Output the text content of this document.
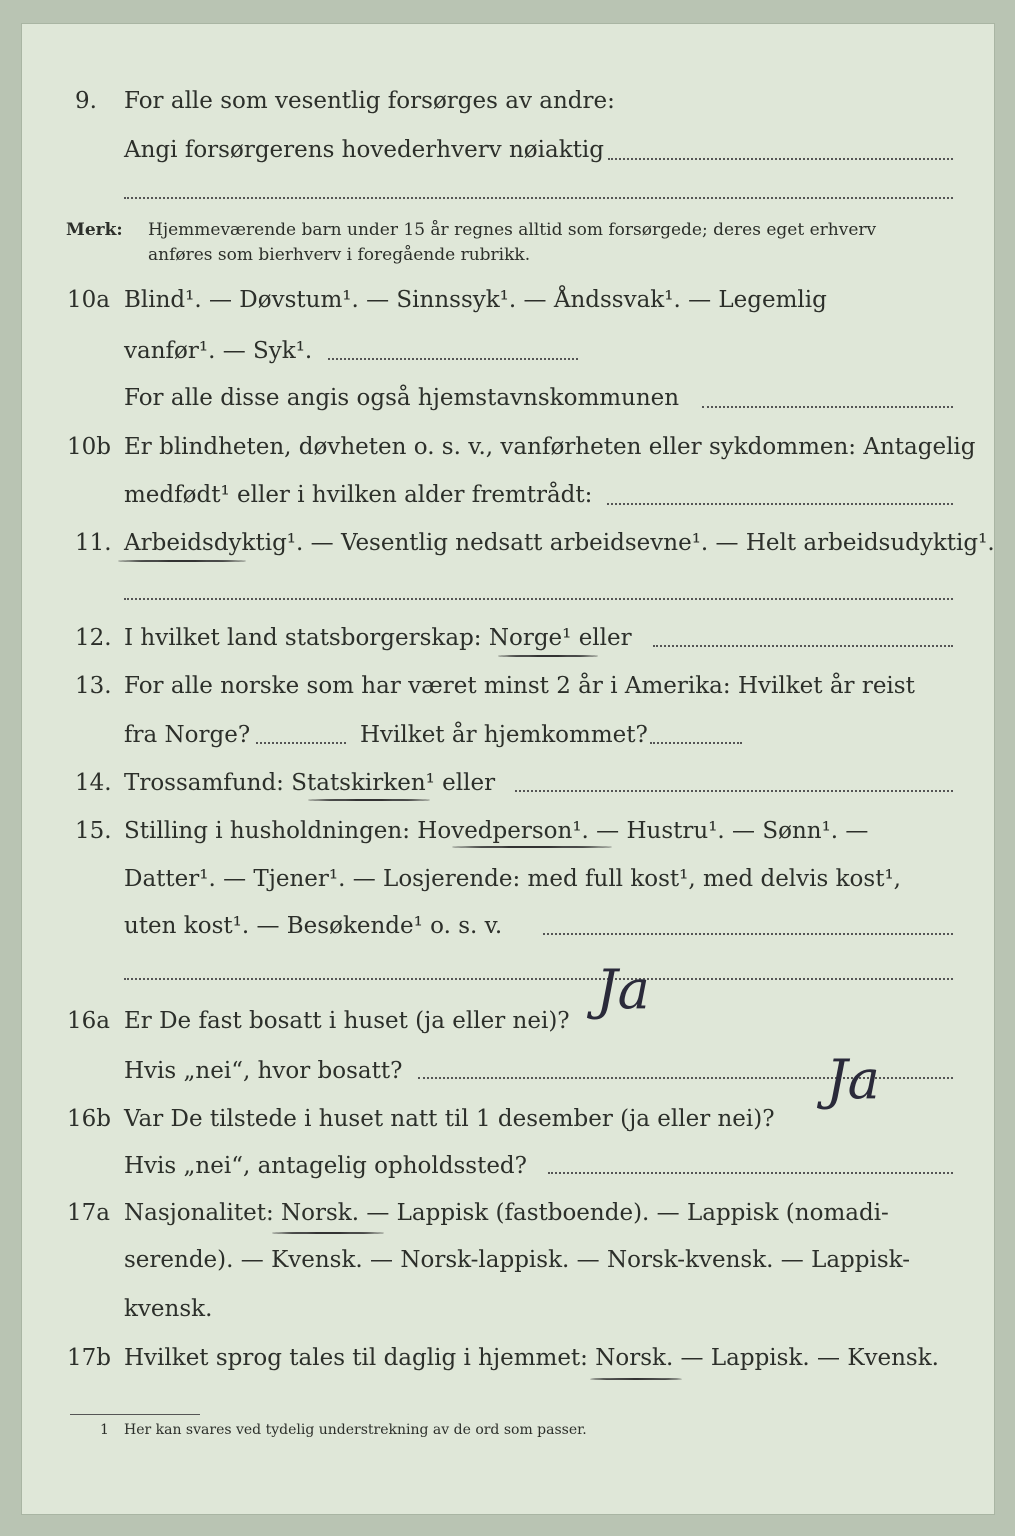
9. For alle som vesentlig forsørges av andre:
Angi forsørgerens hovederhverv nøiaktig
Merk: Hjemmeværende barn under 15 år regnes alltid som forsørgede; deres eget erhverv
anføres som bierhverv i foregående rubrikk.
10a Blind¹. — Døvstum¹. — Sinnssyk¹. — Åndssvak¹. — Legemlig
vanfør¹. — Syk¹.
For alle disse angis også hjemstavnskommunen
10b Er blindheten, døvheten o. s. v., vanførheten eller sykdommen: Antagelig
medfødt¹ eller i hvilken alder fremtrådt:
11. Arbeidsdyktig¹. — Vesentlig nedsatt arbeidsevne¹. — Helt arbeidsudyktig¹.
12. I hvilket land statsborgerskap: Norge¹ eller
13. For alle norske som har været minst 2 år i Amerika: Hvilket år reist
fra Norge?	Hvilket år hjemkommet?
14. Trossamfund: Statskirken¹ eller
15. Stilling i husholdningen: Hovedperson¹. — Hustru¹. — Sønn¹. —
Datter¹. — Tjener¹. — Losjerende: med full kost¹, med delvis kost¹,
uten kost¹. — Besøkende¹ o. s. v.
16a Er De fast bosatt i huset (ja eller nei)? Ja
Hvis „nei“, hvor bosatt?
16b Var De tilstede i huset natt til 1 desember (ja eller nei)?
Ja
Hvis „nei“, antagelig opholdssted?
17a Nasjonalitet: Norsk. — Lappisk (fastboende). — Lappisk (nomadi-
serende). — Kvensk. — Norsk-lappisk. — Norsk-kvensk. — Lappisk-
kvensk.
17b Hvilket sprog tales til daglig i hjemmet: Norsk. — Lappisk. — Kvensk.
1 Her kan svares ved tydelig understrekning av de ord som passer.
